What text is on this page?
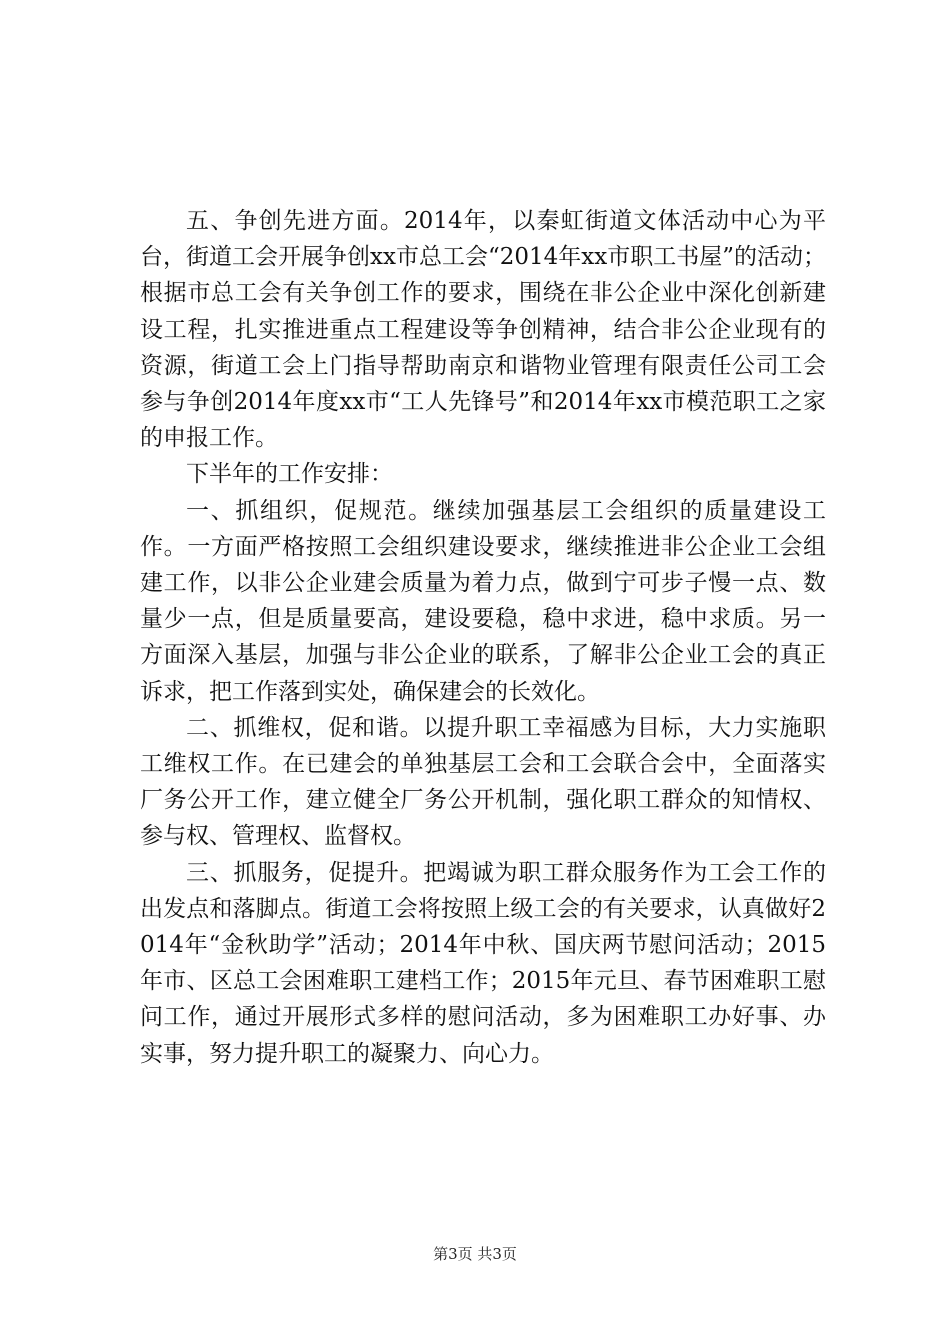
五、争创先进方面。2014年，以秦虹街道文体活动中心为平台，街道工会开展争创xx市总工会“2014年xx市职工书屋”的活动；根据市总工会有关争创工作的要求，围绕在非公企业中深化创新建设工程，扎实推进重点工程建设等争创精神，结合非公企业现有的资源，街道工会上门指导帮助南京和谐物业管理有限责任公司工会参与争创2014年度xx市“工人先锋号”和2014年xx市模范职工之家的申报工作。

下半年的工作安排：

一、抓组织，促规范。继续加强基层工会组织的质量建设工作。一方面严格按照工会组织建设要求，继续推进非公企业工会组建工作，以非公企业建会质量为着力点，做到宁可步子慢一点、数量少一点，但是质量要高，建设要稳，稳中求进，稳中求质。另一方面深入基层，加强与非公企业的联系，了解非公企业工会的真正诉求，把工作落到实处，确保建会的长效化。

二、抓维权，促和谐。以提升职工幸福感为目标，大力实施职工维权工作。在已建会的单独基层工会和工会联合会中，全面落实厂务公开工作，建立健全厂务公开机制，强化职工群众的知情权、参与权、管理权、监督权。

三、抓服务，促提升。把竭诚为职工群众服务作为工会工作的出发点和落脚点。街道工会将按照上级工会的有关要求，认真做好2014年“金秋助学”活动；2014年中秋、国庆两节慰问活动；2015年市、区总工会困难职工建档工作；2015年元旦、春节困难职工慰问工作，通过开展形式多样的慰问活动，多为困难职工办好事、办实事，努力提升职工的凝聚力、向心力。

第3页 共3页
